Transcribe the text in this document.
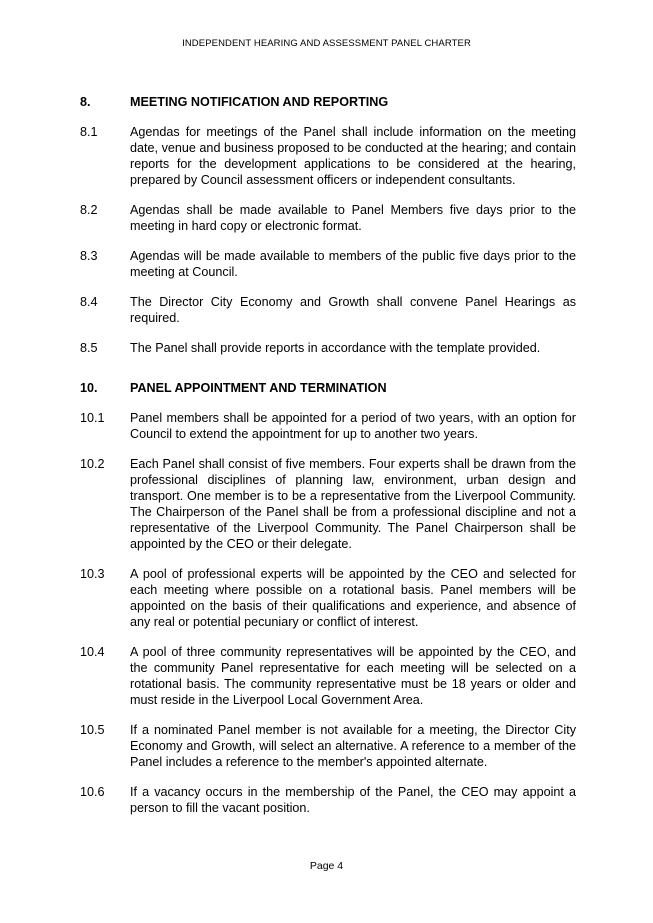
INDEPENDENT HEARING AND ASSESSMENT PANEL CHARTER
8.	MEETING NOTIFICATION AND REPORTING
8.1	Agendas for meetings of the Panel shall include information on the meeting date, venue and business proposed to be conducted at the hearing; and contain reports for the development applications to be considered at the hearing, prepared by Council assessment officers or independent consultants.
8.2	Agendas shall be made available to Panel Members five days prior to the meeting in hard copy or electronic format.
8.3	Agendas will be made available to members of the public five days prior to the meeting at Council.
8.4	The Director City Economy and Growth shall convene Panel Hearings as required.
8.5	The Panel shall provide reports in accordance with the template provided.
10.	PANEL APPOINTMENT AND TERMINATION
10.1	Panel members shall be appointed for a period of two years, with an option for Council to extend the appointment for up to another two years.
10.2	Each Panel shall consist of five members. Four experts shall be drawn from the professional disciplines of planning law, environment, urban design and transport. One member is to be a representative from the Liverpool Community. The Chairperson of the Panel shall be from a professional discipline and not a representative of the Liverpool Community. The Panel Chairperson shall be appointed by the CEO or their delegate.
10.3	A pool of professional experts will be appointed by the CEO and selected for each meeting where possible on a rotational basis. Panel members will be appointed on the basis of their qualifications and experience, and absence of any real or potential pecuniary or conflict of interest.
10.4	A pool of three community representatives will be appointed by the CEO, and the community Panel representative for each meeting will be selected on a rotational basis. The community representative must be 18 years or older and must reside in the Liverpool Local Government Area.
10.5	If a nominated Panel member is not available for a meeting, the Director City Economy and Growth, will select an alternative. A reference to a member of the Panel includes a reference to the member's appointed alternate.
10.6	If a vacancy occurs in the membership of the Panel, the CEO may appoint a person to fill the vacant position.
Page 4
